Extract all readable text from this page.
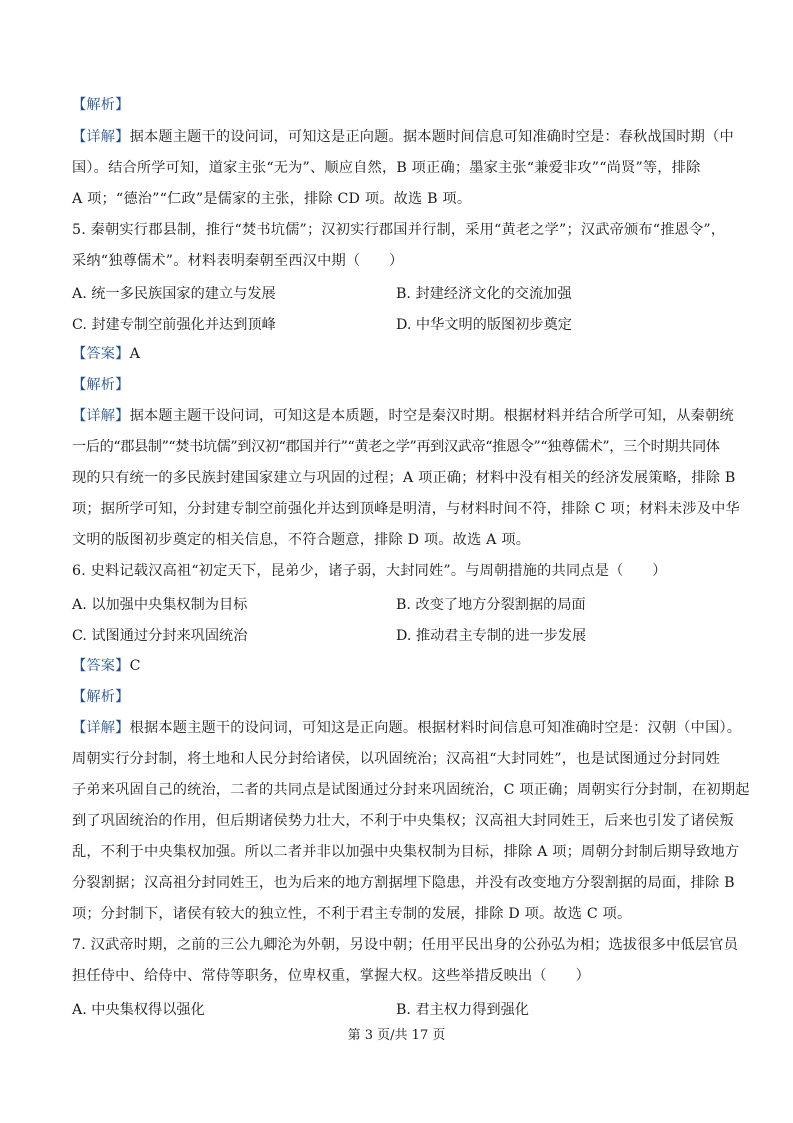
【解析】
【详解】据本题主题干的设问词，可知这是正向题。据本题时间信息可知准确时空是：春秋战国时期（中
国）。结合所学可知，道家主张“无为”、顺应自然，B 项正确；墨家主张“兼爱非攻”“尚贤”等，排除
A 项；“德治”“仁政”是儒家的主张，排除 CD 项。故选 B 项。
5. 秦朝实行郡县制，推行“焚书坑儒”；汉初实行郡国并行制，采用“黄老之学”；汉武帝颁布“推恩令”，
采纳“独尊儒术”。材料表明秦朝至西汉中期（　　）
A. 统一多民族国家的建立与发展	B. 封建经济文化的交流加强
C. 封建专制空前强化并达到顶峰	D. 中华文明的版图初步奠定
【答案】A
【解析】
【详解】据本题主题干设问词，可知这是本质题，时空是秦汉时期。根据材料并结合所学可知，从秦朝统
一后的“郡县制”“焚书坑儒”到汉初“郡国并行”“黄老之学”再到汉武帝“推恩令”“独尊儒术”，三个时期共同体
现的只有统一的多民族封建国家建立与巩固的过程；A 项正确；材料中没有相关的经济发展策略，排除 B
项；据所学可知，分封建专制空前强化并达到顶峰是明清，与材料时间不符，排除 C 项；材料未涉及中华
文明的版图初步奠定的相关信息，不符合题意，排除 D 项。故选 A 项。
6. 史料记载汉高祖“初定天下，昆弟少，诸子弱，大封同姓”。与周朝措施的共同点是（　　）
A. 以加强中央集权制为目标	B. 改变了地方分裂割据的局面
C. 试图通过分封来巩固统治	D. 推动君主专制的进一步发展
【答案】C
【解析】
【详解】根据本题主题干的设问词，可知这是正向题。根据材料时间信息可知准确时空是：汉朝（中国）。
周朝实行分封制，将土地和人民分封给诸侯，以巩固统治；汉高祖“大封同姓”，也是试图通过分封同姓
子弟来巩固自己的统治，二者的共同点是试图通过分封来巩固统治，C 项正确；周朝实行分封制，在初期起
到了巩固统治的作用，但后期诸侯势力壮大，不利于中央集权；汉高祖大封同姓王，后来也引发了诸侯叛
乱，不利于中央集权加强。所以二者并非以加强中央集权制为目标，排除 A 项；周朝分封制后期导致地方
分裂割据；汉高祖分封同姓王，也为后来的地方割据埋下隐患，并没有改变地方分裂割据的局面，排除 B
项；分封制下，诸侯有较大的独立性，不利于君主专制的发展，排除 D 项。故选 C 项。
7. 汉武帝时期，之前的三公九卿沦为外朝，另设中朝；任用平民出身的公孙弘为相；选拔很多中低层官员
担任侍中、给侍中、常侍等职务，位卑权重，掌握大权。这些举措反映出（　　）
A. 中央集权得以强化	B. 君主权力得到强化
第 3 页/共 17 页
